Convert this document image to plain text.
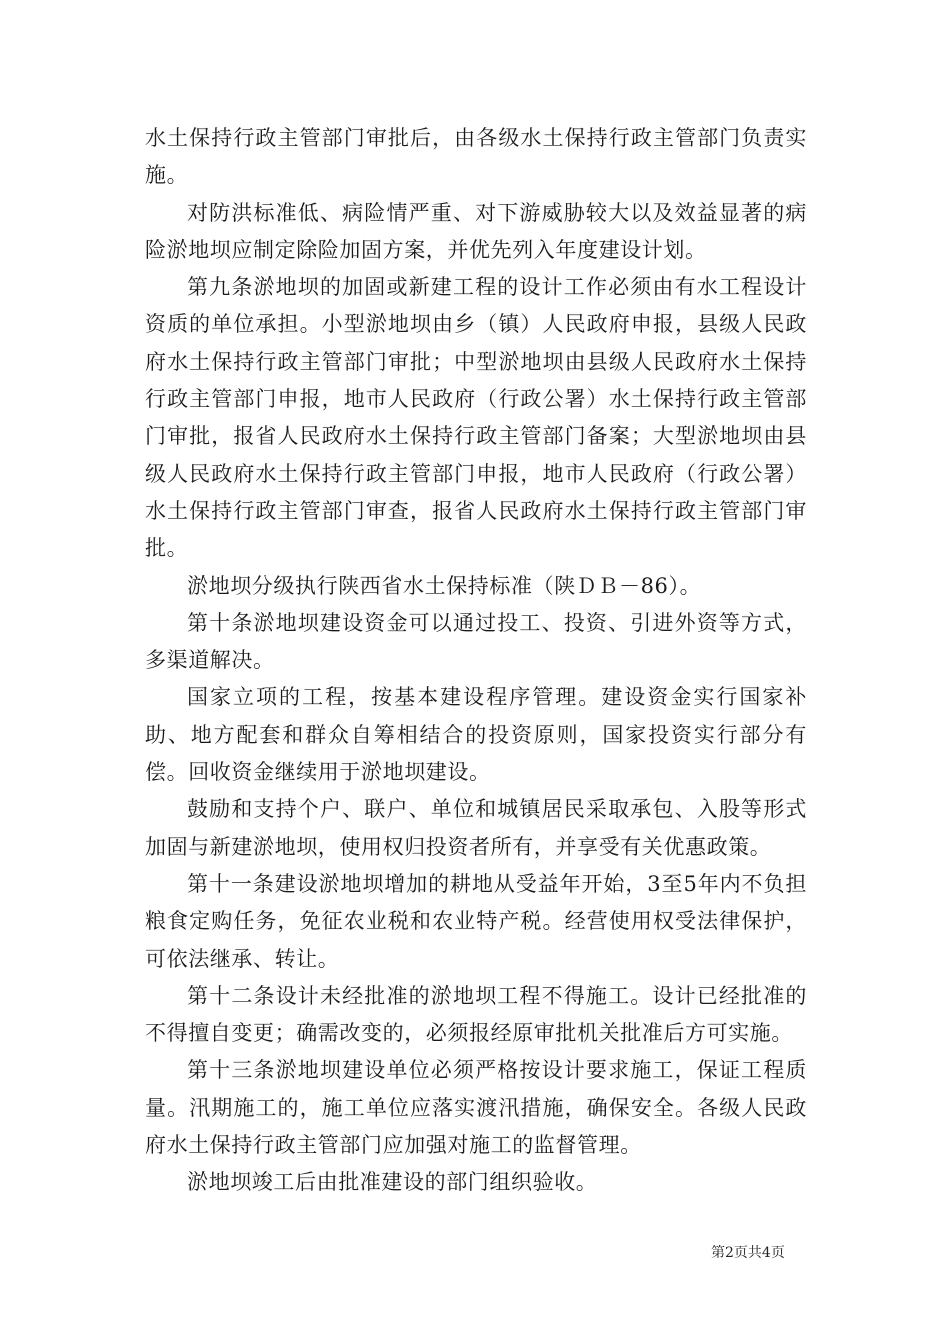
水土保持行政主管部门审批后，由各级水土保持行政主管部门负责实施。

对防洪标准低、病险情严重、对下游威胁较大以及效益显著的病险淤地坝应制定除险加固方案，并优先列入年度建设计划。

第九条淤地坝的加固或新建工程的设计工作必须由有水工程设计资质的单位承担。小型淤地坝由乡（镇）人民政府申报，县级人民政府水土保持行政主管部门审批；中型淤地坝由县级人民政府水土保持行政主管部门申报，地市人民政府（行政公署）水土保持行政主管部门审批，报省人民政府水土保持行政主管部门备案；大型淤地坝由县级人民政府水土保持行政主管部门申报，地市人民政府（行政公署）水土保持行政主管部门审查，报省人民政府水土保持行政主管部门审批。

淤地坝分级执行陕西省水土保持标准（陕ＤＢ－86）。

第十条淤地坝建设资金可以通过投工、投资、引进外资等方式，多渠道解决。

国家立项的工程，按基本建设程序管理。建设资金实行国家补助、地方配套和群众自筹相结合的投资原则，国家投资实行部分有偿。回收资金继续用于淤地坝建设。

鼓励和支持个户、联户、单位和城镇居民采取承包、入股等形式加固与新建淤地坝，使用权归投资者所有，并享受有关优惠政策。

第十一条建设淤地坝增加的耕地从受益年开始，3至5年内不负担粮食定购任务，免征农业税和农业特产税。经营使用权受法律保护，可依法继承、转让。

第十二条设计未经批准的淤地坝工程不得施工。设计已经批准的不得擅自变更；确需改变的，必须报经原审批机关批准后方可实施。

第十三条淤地坝建设单位必须严格按设计要求施工，保证工程质量。汛期施工的，施工单位应落实渡汛措施，确保安全。各级人民政府水土保持行政主管部门应加强对施工的监督管理。

淤地坝竣工后由批准建设的部门组织验收。

第2页共4页
